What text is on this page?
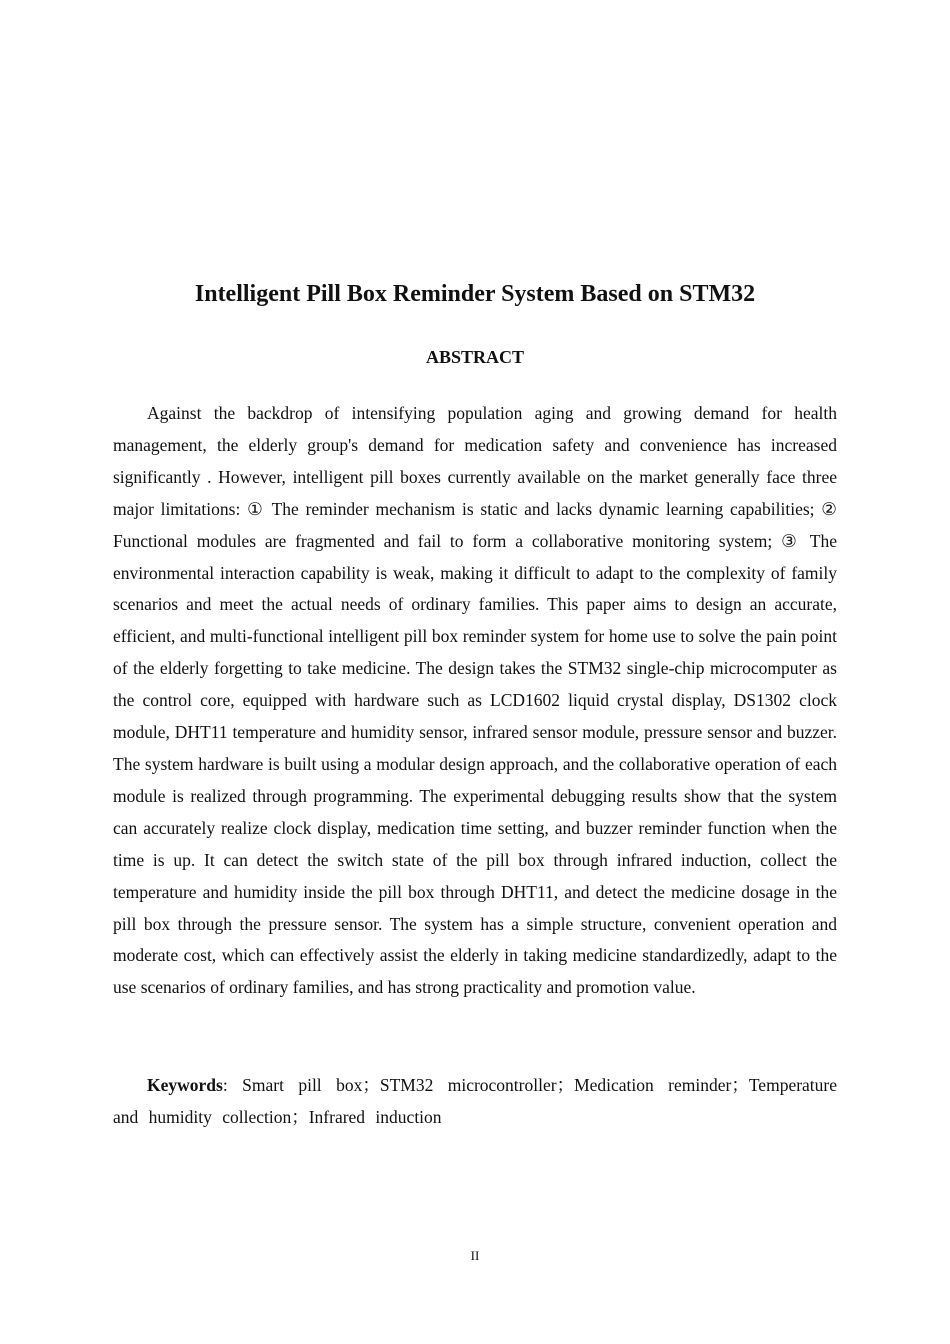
Intelligent Pill Box Reminder System Based on STM32
ABSTRACT

Against the backdrop of intensifying population aging and growing demand for health management, the elderly group's demand for medication safety and convenience has increased significantly . However, intelligent pill boxes currently available on the market generally face three major limitations: ① The reminder mechanism is static and lacks dynamic learning capabilities; ② Functional modules are fragmented and fail to form a collaborative monitoring system; ③ The environmental interaction capability is weak, making it difficult to adapt to the complexity of family scenarios and meet the actual needs of ordinary families. This paper aims to design an accurate, efficient, and multi-functional intelligent pill box reminder system for home use to solve the pain point of the elderly forgetting to take medicine. The design takes the STM32 single-chip microcomputer as the control core, equipped with hardware such as LCD1602 liquid crystal display, DS1302 clock module, DHT11 temperature and humidity sensor, infrared sensor module, pressure sensor and buzzer. The system hardware is built using a modular design approach, and the collaborative operation of each module is realized through programming. The experimental debugging results show that the system can accurately realize clock display, medication time setting, and buzzer reminder function when the time is up. It can detect the switch state of the pill box through infrared induction, collect the temperature and humidity inside the pill box through DHT11, and detect the medicine dosage in the pill box through the pressure sensor. The system has a simple structure, convenient operation and moderate cost, which can effectively assist the elderly in taking medicine standardizedly, adapt to the use scenarios of ordinary families, and has strong practicality and promotion value.

Keywords: Smart pill box；STM32 microcontroller；Medication reminder；Temperature and humidity collection；Infrared induction

II
